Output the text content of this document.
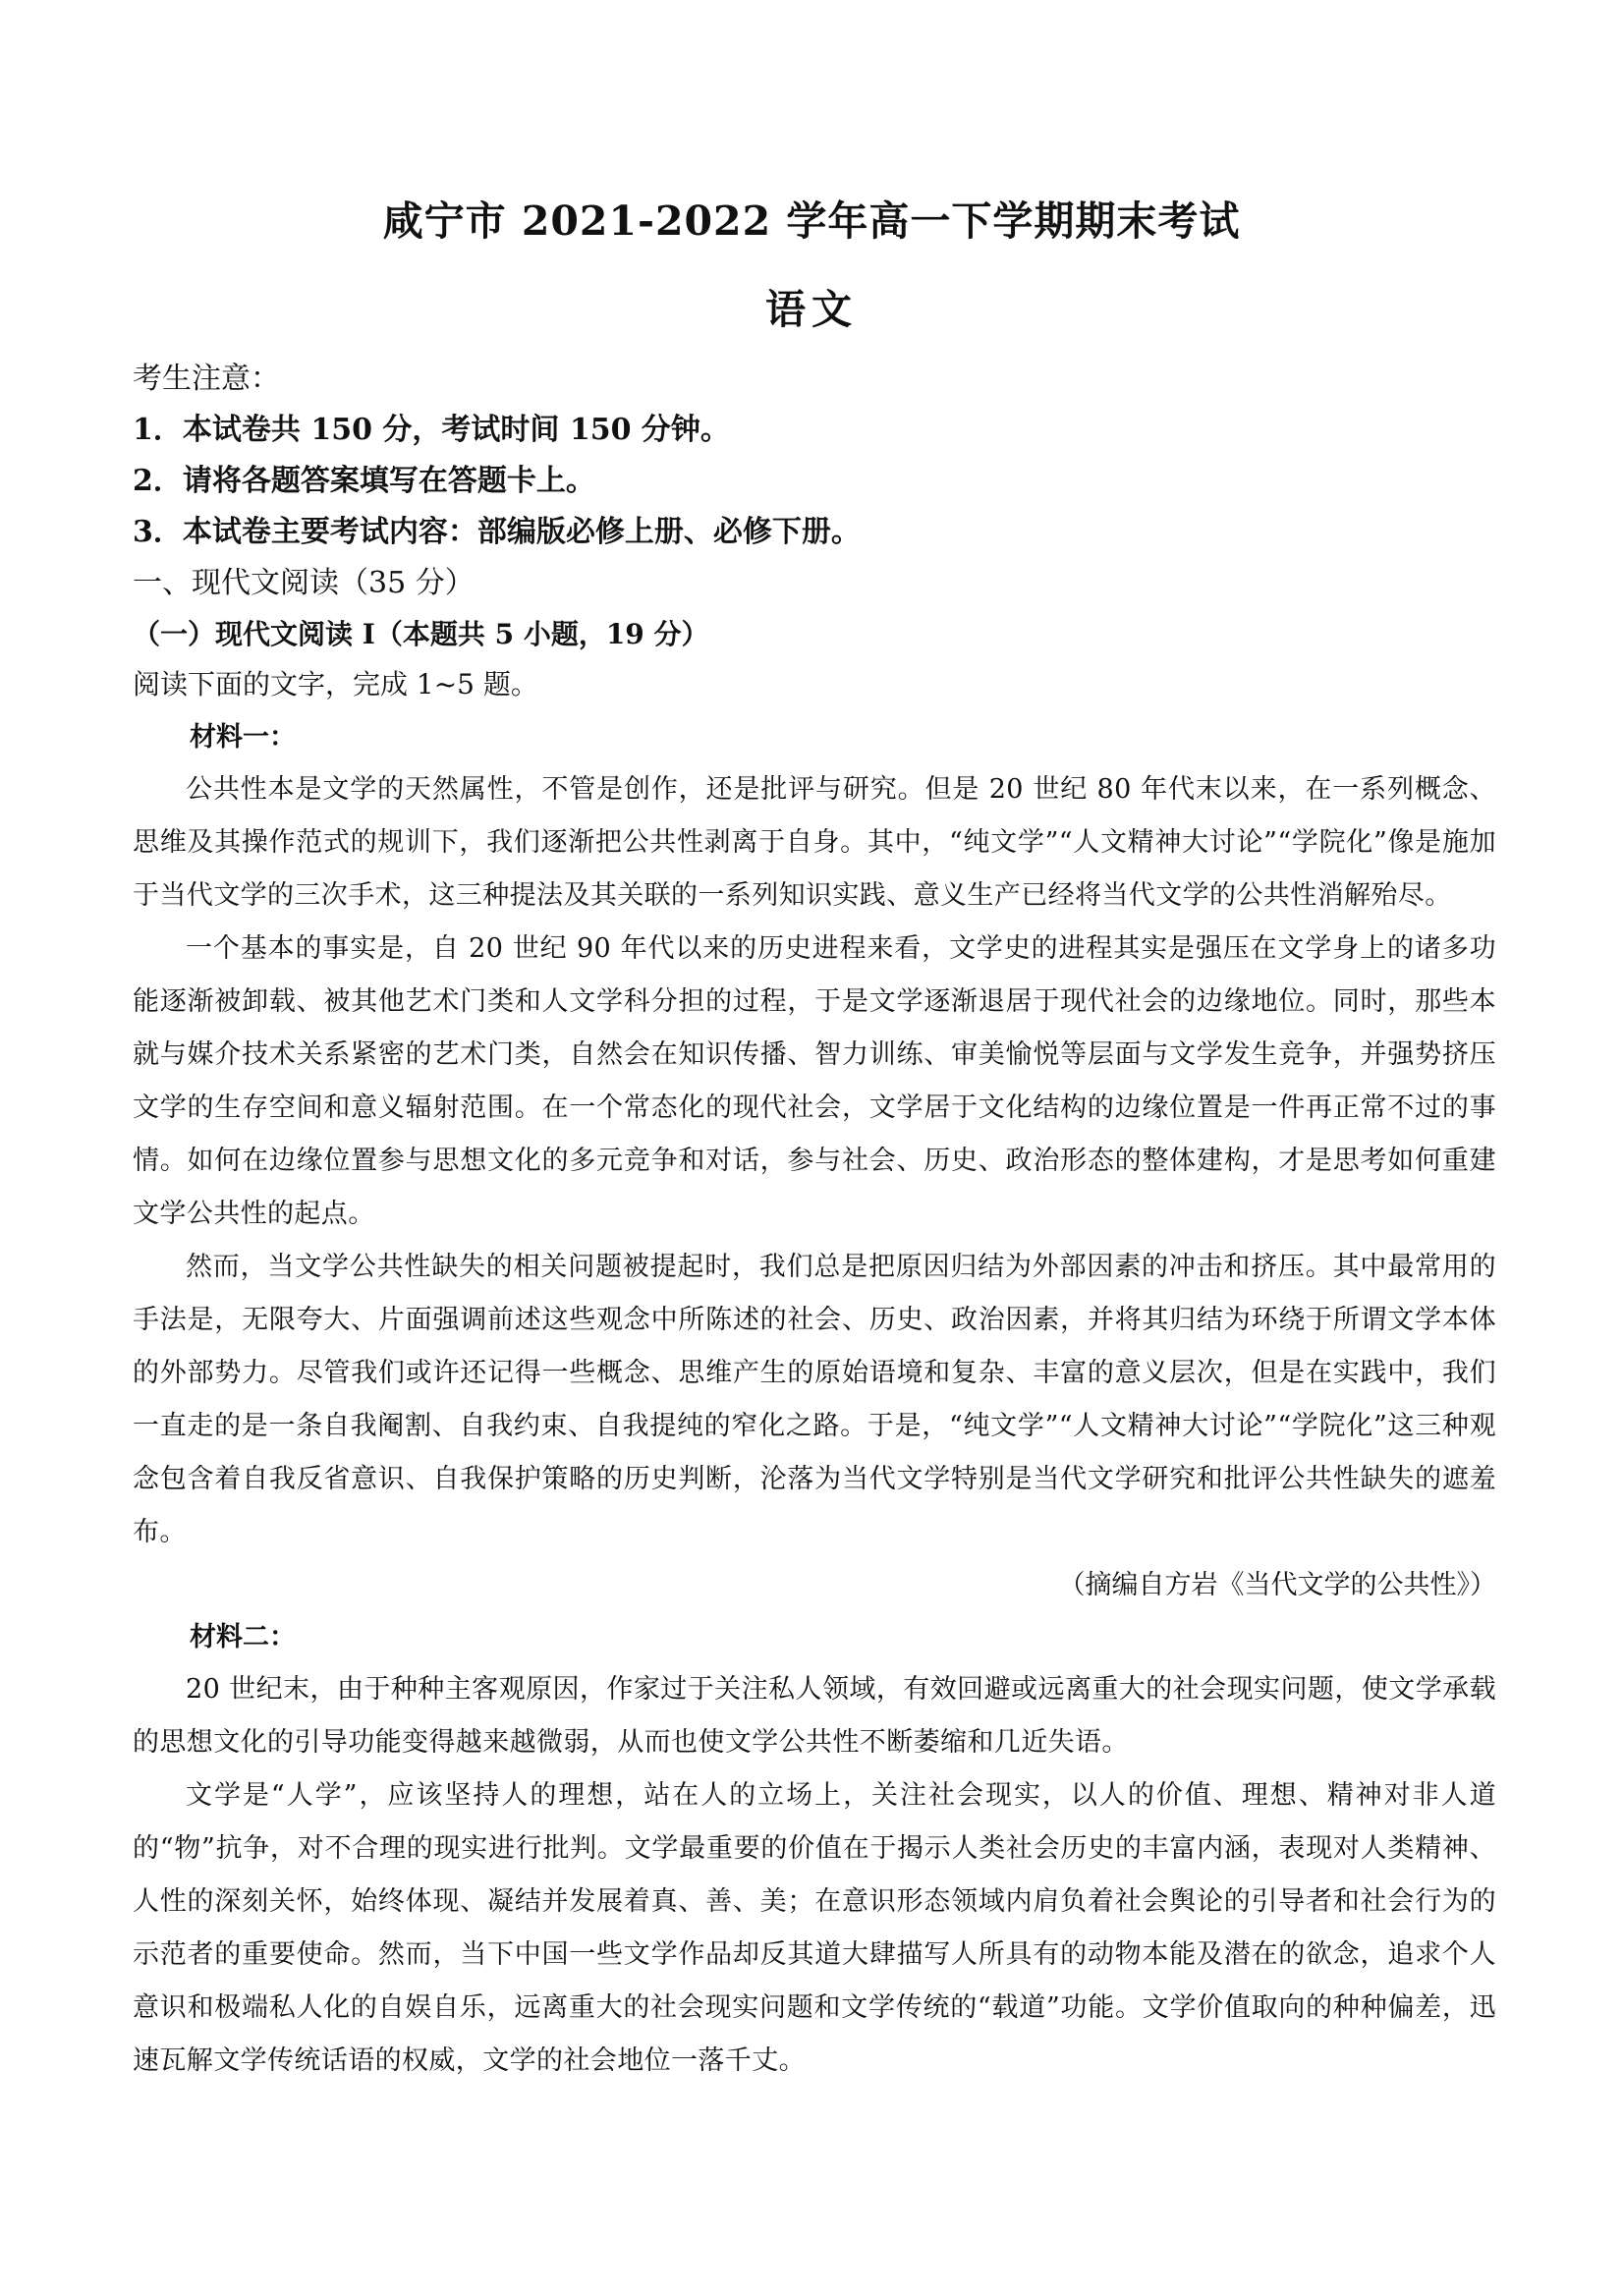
咸宁市 2021-2022 学年高一下学期期末考试
语文
考生注意：
1．本试卷共 150 分，考试时间 150 分钟。
2．请将各题答案填写在答题卡上。
3．本试卷主要考试内容：部编版必修上册、必修下册。
一、现代文阅读（35 分）
（一）现代文阅读 I（本题共 5 小题，19 分）
阅读下面的文字，完成 1~5 题。
材料一：

公共性本是文学的天然属性，不管是创作，还是批评与研究。但是 20 世纪 80 年代末以来，在一系列概念、思维及其操作范式的规训下，我们逐渐把公共性剥离于自身。其中，“纯文学”“人文精神大讨论”“学院化”像是施加于当代文学的三次手术，这三种提法及其关联的一系列知识实践、意义生产已经将当代文学的公共性消解殆尽。

一个基本的事实是，自 20 世纪 90 年代以来的历史进程来看，文学史的进程其实是强压在文学身上的诸多功能逐渐被卸载、被其他艺术门类和人文学科分担的过程，于是文学逐渐退居于现代社会的边缘地位。同时，那些本就与媒介技术关系紧密的艺术门类，自然会在知识传播、智力训练、审美愉悦等层面与文学发生竞争，并强势挤压文学的生存空间和意义辐射范围。在一个常态化的现代社会，文学居于文化结构的边缘位置是一件再正常不过的事情。如何在边缘位置参与思想文化的多元竞争和对话，参与社会、历史、政治形态的整体建构，才是思考如何重建文学公共性的起点。

然而，当文学公共性缺失的相关问题被提起时，我们总是把原因归结为外部因素的冲击和挤压。其中最常用的手法是，无限夸大、片面强调前述这些观念中所陈述的社会、历史、政治因素，并将其归结为环绕于所谓文学本体的外部势力。尽管我们或许还记得一些概念、思维产生的原始语境和复杂、丰富的意义层次，但是在实践中，我们一直走的是一条自我阉割、自我约束、自我提纯的窄化之路。于是，“纯文学”“人文精神大讨论”“学院化”这三种观念包含着自我反省意识、自我保护策略的历史判断，沦落为当代文学特别是当代文学研究和批评公共性缺失的遮羞布。

（摘编自方岩《当代文学的公共性》）
材料二：

20 世纪末，由于种种主客观原因，作家过于关注私人领域，有效回避或远离重大的社会现实问题，使文学承载的思想文化的引导功能变得越来越微弱，从而也使文学公共性不断萎缩和几近失语。

文学是“人学”，应该坚持人的理想，站在人的立场上，关注社会现实，以人的价值、理想、精神对非人道的“物”抗争，对不合理的现实进行批判。文学最重要的价值在于揭示人类社会历史的丰富内涵，表现对人类精神、人性的深刻关怀，始终体现、凝结并发展着真、善、美；在意识形态领域内肩负着社会舆论的引导者和社会行为的示范者的重要使命。然而，当下中国一些文学作品却反其道大肆描写人所具有的动物本能及潜在的欲念，追求个人意识和极端私人化的自娱自乐，远离重大的社会现实问题和文学传统的“载道”功能。文学价值取向的种种偏差，迅速瓦解文学传统话语的权威，文学的社会地位一落千丈。
